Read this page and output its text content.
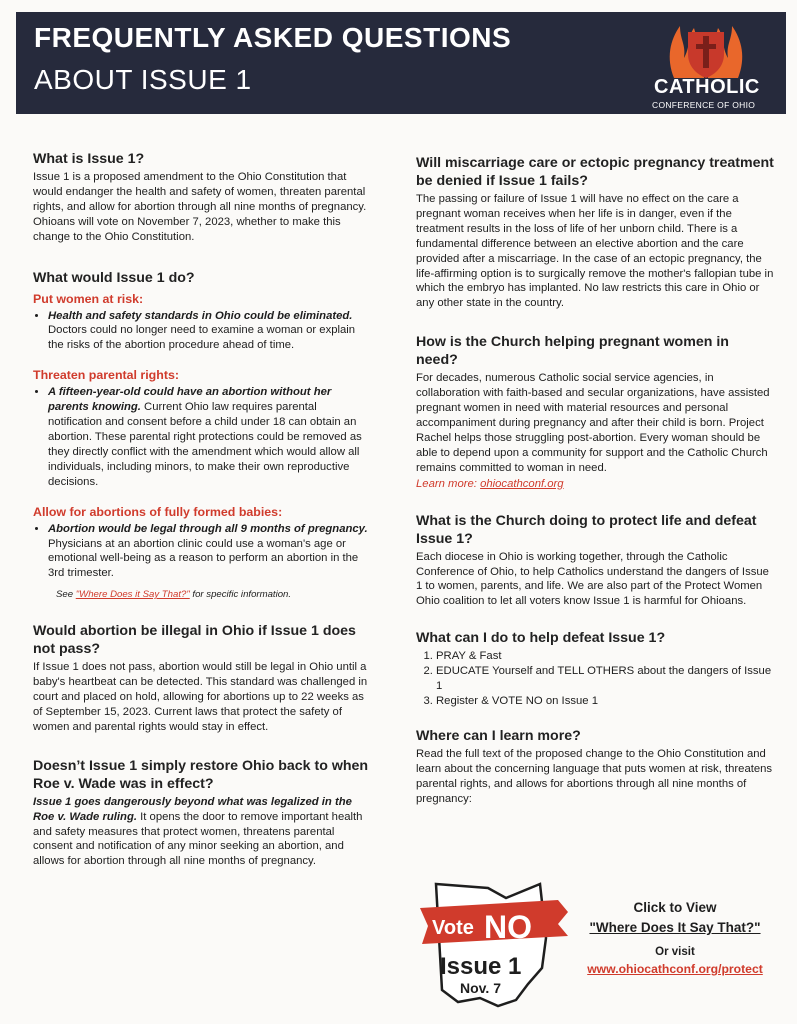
FREQUENTLY ASKED QUESTIONS
ABOUT ISSUE 1	CATHOLIC
CONFERENCE OF OHIO
What is Issue 1?

Issue 1 is a proposed amendment to the Ohio Constitution that would endanger the health and safety of women, threaten parental rights, and allow for abortion through all nine months of pregnancy. Ohioans will vote on November 7, 2023, whether to make this change to the Ohio Constitution.

What would Issue 1 do?
Put women at risk:
• Health and safety standards in Ohio could be eliminated. Doctors could no longer need to examine a woman or explain the risks of the abortion procedure ahead of time.
Threaten parental rights:
• A fifteen-year-old could have an abortion without her parents knowing. Current Ohio law requires parental notification and consent before a child under 18 can obtain an abortion. These parental right protections could be removed as they directly conflict with the amendment which would allow all individuals, including minors, to make their own reproductive decisions.
Allow for abortions of fully formed babies:
• Abortion would be legal through all 9 months of pregnancy. Physicians at an abortion clinic could use a woman's age or emotional well-being as a reason to perform an abortion in the 3rd trimester.
See "Where Does it Say That?" for specific information.
Would abortion be illegal in Ohio if Issue 1 does not pass?

If Issue 1 does not pass, abortion would still be legal in Ohio until a baby's heartbeat can be detected. This standard was challenged in court and placed on hold, allowing for abortions up to 22 weeks as of September 15, 2023. Current laws that protect the safety of women and parental rights would stay in effect.

Doesn’t Issue 1 simply restore Ohio back to when Roe v. Wade was in effect?

Issue 1 goes dangerously beyond what was legalized in the Roe v. Wade ruling. It opens the door to remove important health and safety measures that protect women, threatens parental consent and notification of any minor seeking an abortion, and allows for abortion through all nine months of pregnancy.

Will miscarriage care or ectopic pregnancy treatment be denied if Issue 1 fails?

The passing or failure of Issue 1 will have no effect on the care a pregnant woman receives when her life is in danger, even if the treatment results in the loss of life of her unborn child. There is a fundamental difference between an elective abortion and the care provided after a miscarriage. In the case of an ectopic pregnancy, the life-affirming option is to surgically remove the mother's fallopian tube in which the embryo has implanted. No law restricts this care in Ohio or any other state in the country.

How is the Church helping pregnant women in need?

For decades, numerous Catholic social service agencies, in collaboration with faith-based and secular organizations, have assisted pregnant women in need with material resources and personal accompaniment during pregnancy and after their child is born. Project Rachel helps those struggling post-abortion. Every woman should be able to depend upon a community for support and the Catholic Church remains committed to woman in need.

Learn more: ohiocathconf.org
What is the Church doing to protect life and defeat Issue 1?

Each diocese in Ohio is working together, through the Catholic Conference of Ohio, to help Catholics understand the dangers of Issue 1 to women, parents, and life. We are also part of the Protect Women Ohio coalition to let all voters know Issue 1 is harmful for Ohioans.

What can I do to help defeat Issue 1?
1. PRAY & Fast
2. EDUCATE Yourself and TELL OTHERS about the dangers of Issue 1
3. Register & VOTE NO on Issue 1
Where can I learn more?

Read the full text of the proposed change to the Ohio Constitution and learn about the concerning language that puts women at risk, threatens parental rights, and allows for abortions through all nine months of pregnancy:

Vote NO
Issue 1
Nov. 7
Click to View
"Where Does It Say That?"
Or visit
www.ohiocathconf.org/protect
